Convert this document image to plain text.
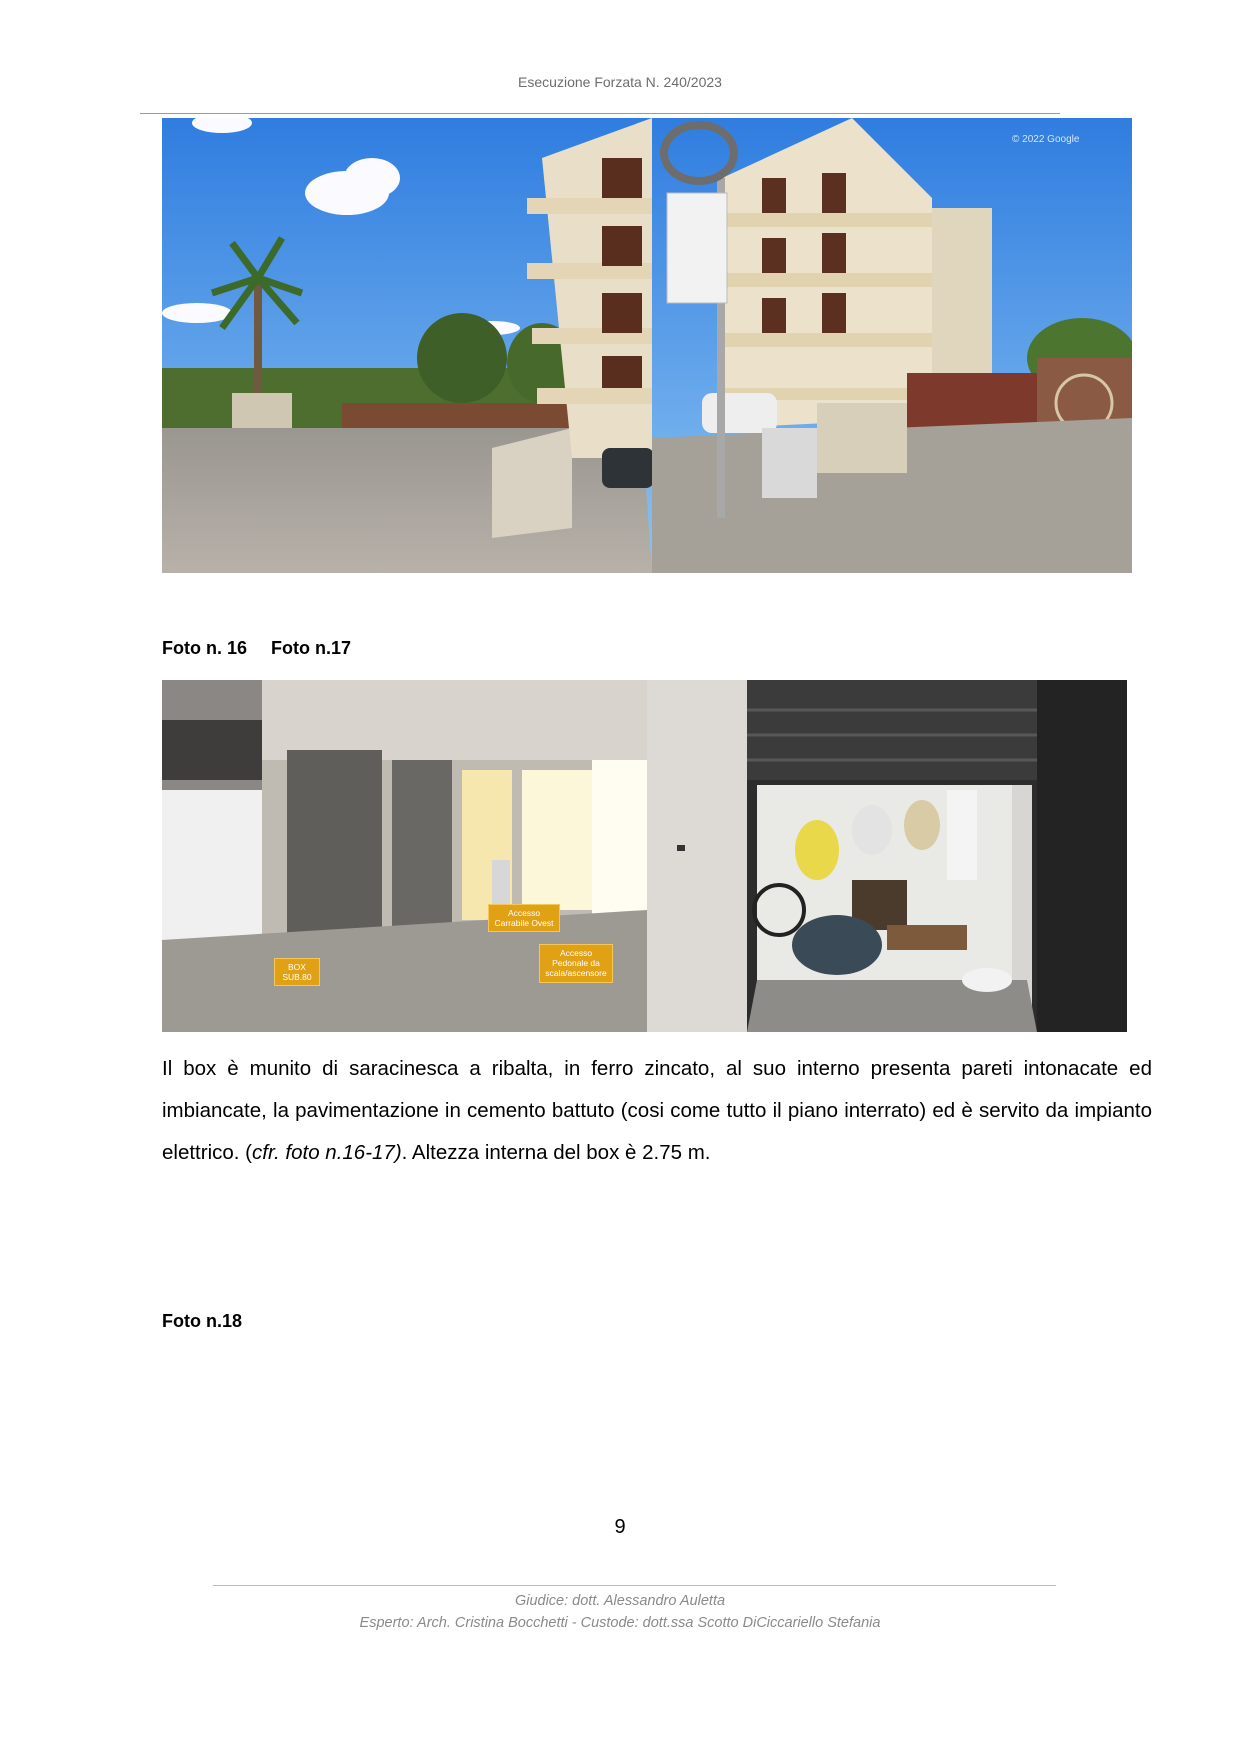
Esecuzione Forzata N. 240/2023
© 2022 Google
Foto n. 16 Foto n.17
BOX SUB.80
Accesso Carrabile Ovest
Accesso Pedonale da scala/ascensore

Il box è munito di saracinesca a ribalta, in ferro zincato, al suo interno presenta pareti intonacate ed imbiancate, la pavimentazione in cemento battuto (cosi come tutto il piano interrato) ed è servito da impianto elettrico. (cfr. foto n.16-17). Altezza interna del box è 2.75 m.

Foto n.18
9
Giudice: dott. Alessandro Auletta
Esperto: Arch. Cristina Bocchetti - Custode: dott.ssa Scotto DiCiccariello Stefania
